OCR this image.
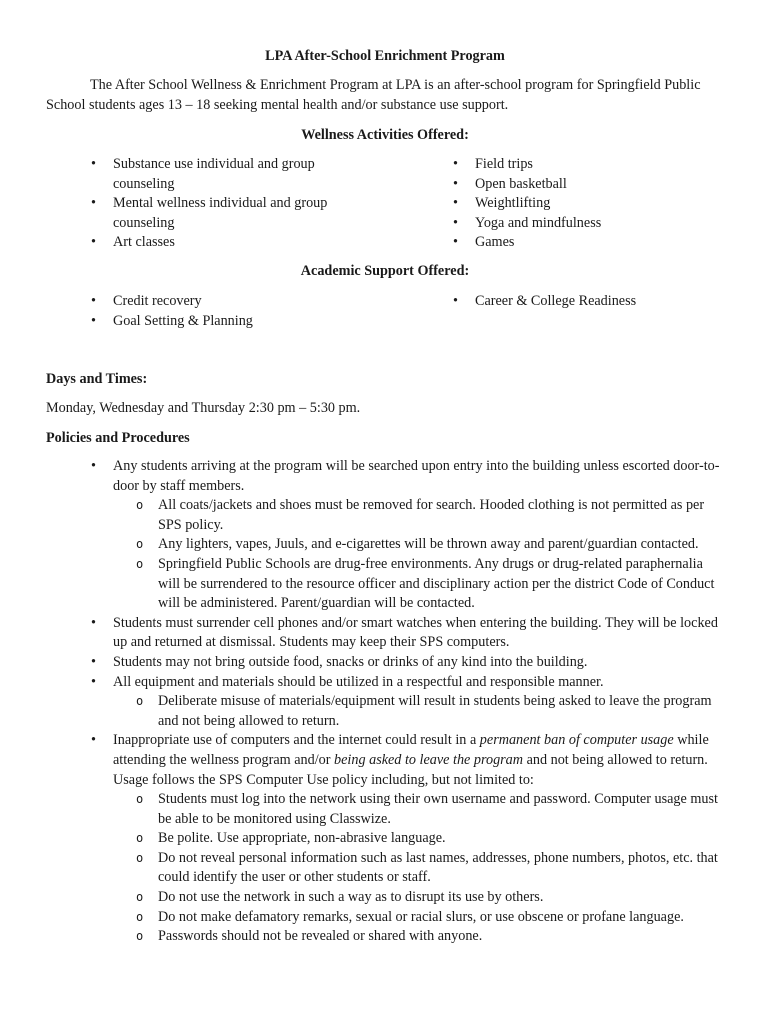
LPA After-School Enrichment Program
The After School Wellness & Enrichment Program at LPA is an after-school program for Springfield Public School students ages 13 – 18 seeking mental health and/or substance use support.
Wellness Activities Offered:
• Substance use individual and group counseling
• Mental wellness individual and group counseling
• Art classes
• Field trips
• Open basketball
• Weightlifting
• Yoga and mindfulness
• Games
Academic Support Offered:
• Credit recovery
• Goal Setting & Planning
• Career & College Readiness
Days and Times:
Monday, Wednesday and Thursday 2:30 pm – 5:30 pm.
Policies and Procedures
• Any students arriving at the program will be searched upon entry into the building unless escorted door-to-door by staff members.
o All coats/jackets and shoes must be removed for search. Hooded clothing is not permitted as per SPS policy.
o Any lighters, vapes, Juuls, and e-cigarettes will be thrown away and parent/guardian contacted.
o Springfield Public Schools are drug-free environments. Any drugs or drug-related paraphernalia will be surrendered to the resource officer and disciplinary action per the district Code of Conduct will be administered. Parent/guardian will be contacted.
• Students must surrender cell phones and/or smart watches when entering the building. They will be locked up and returned at dismissal. Students may keep their SPS computers.
• Students may not bring outside food, snacks or drinks of any kind into the building.
• All equipment and materials should be utilized in a respectful and responsible manner.
o Deliberate misuse of materials/equipment will result in students being asked to leave the program and not being allowed to return.
• Inappropriate use of computers and the internet could result in a permanent ban of computer usage while attending the wellness program and/or being asked to leave the program and not being allowed to return. Usage follows the SPS Computer Use policy including, but not limited to:
o Students must log into the network using their own username and password. Computer usage must be able to be monitored using Classwize.
o Be polite. Use appropriate, non-abrasive language.
o Do not reveal personal information such as last names, addresses, phone numbers, photos, etc. that could identify the user or other students or staff.
o Do not use the network in such a way as to disrupt its use by others.
o Do not make defamatory remarks, sexual or racial slurs, or use obscene or profane language.
o Passwords should not be revealed or shared with anyone.
